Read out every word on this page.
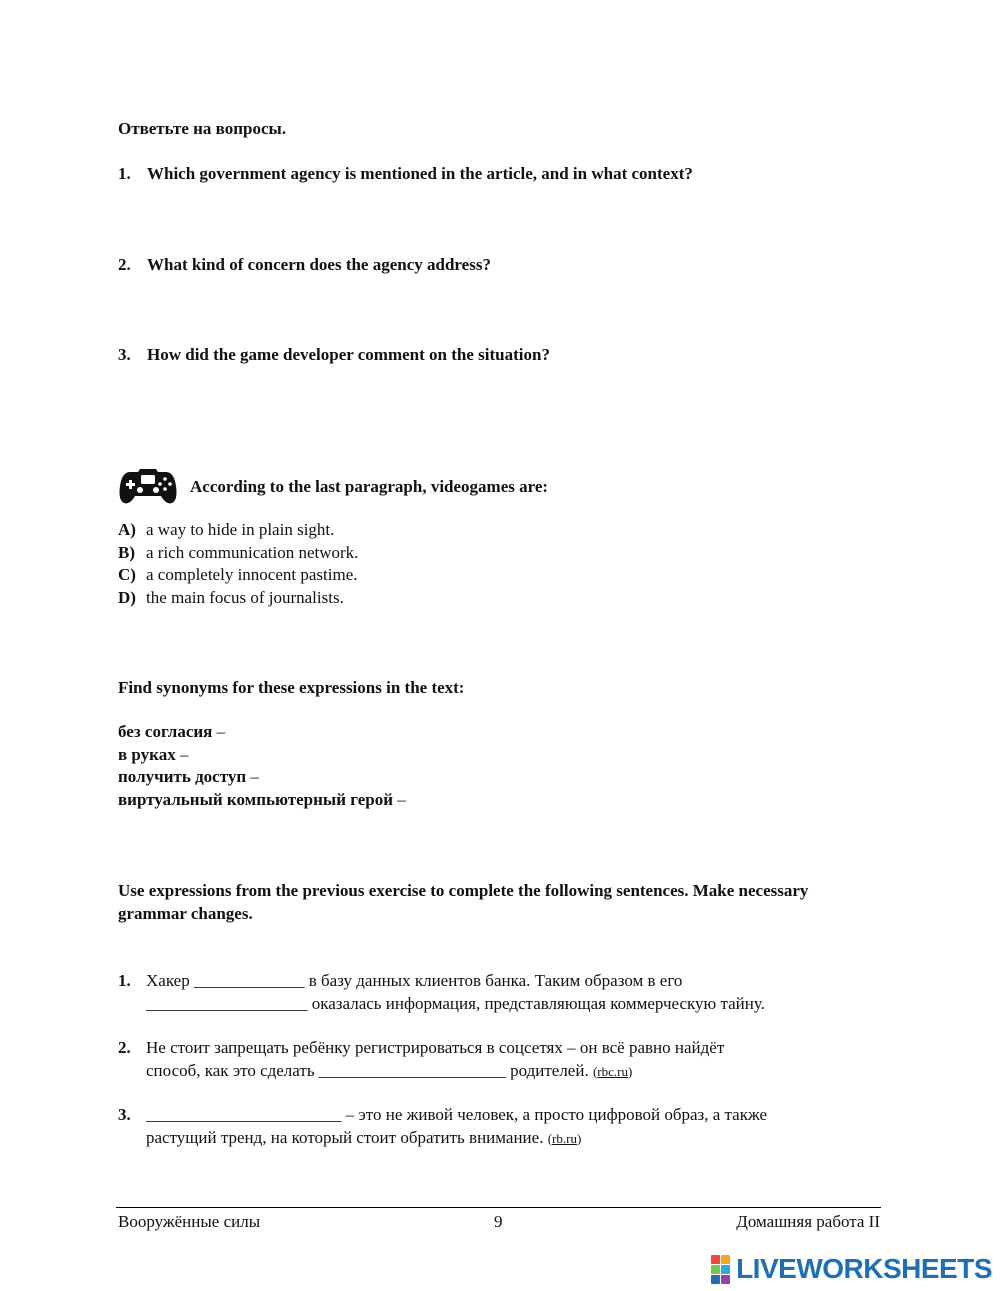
Ответьте на вопросы.
1. Which government agency is mentioned in the article, and in what context?
2. What kind of concern does the agency address?
3. How did the game developer comment on the situation?
According to the last paragraph, videogames are:
A) a way to hide in plain sight.
B) a rich communication network.
C) a completely innocent pastime.
D) the main focus of journalists.
Find synonyms for these expressions in the text:
без согласия –
в руках –
получить доступ –
виртуальный компьютерный герой –
Use expressions from the previous exercise to complete the following sentences. Make necessary grammar changes.
1. Хакер _____________ в базу данных клиентов банка. Таким образом в его
___________________ оказалась информация, представляющая коммерческую тайну.
2. Не стоит запрещать ребёнку регистрироваться в соцсетях – он всё равно найдёт
способ, как это сделать ______________________ родителей. (rbc.ru)
3. _______________________ – это не живой человек, а просто цифровой образ, а также
растущий тренд, на который стоит обратить внимание. (rb.ru)
Вооружённые силы	9	Домашняя работа II
LIVEWORKSHEETS
